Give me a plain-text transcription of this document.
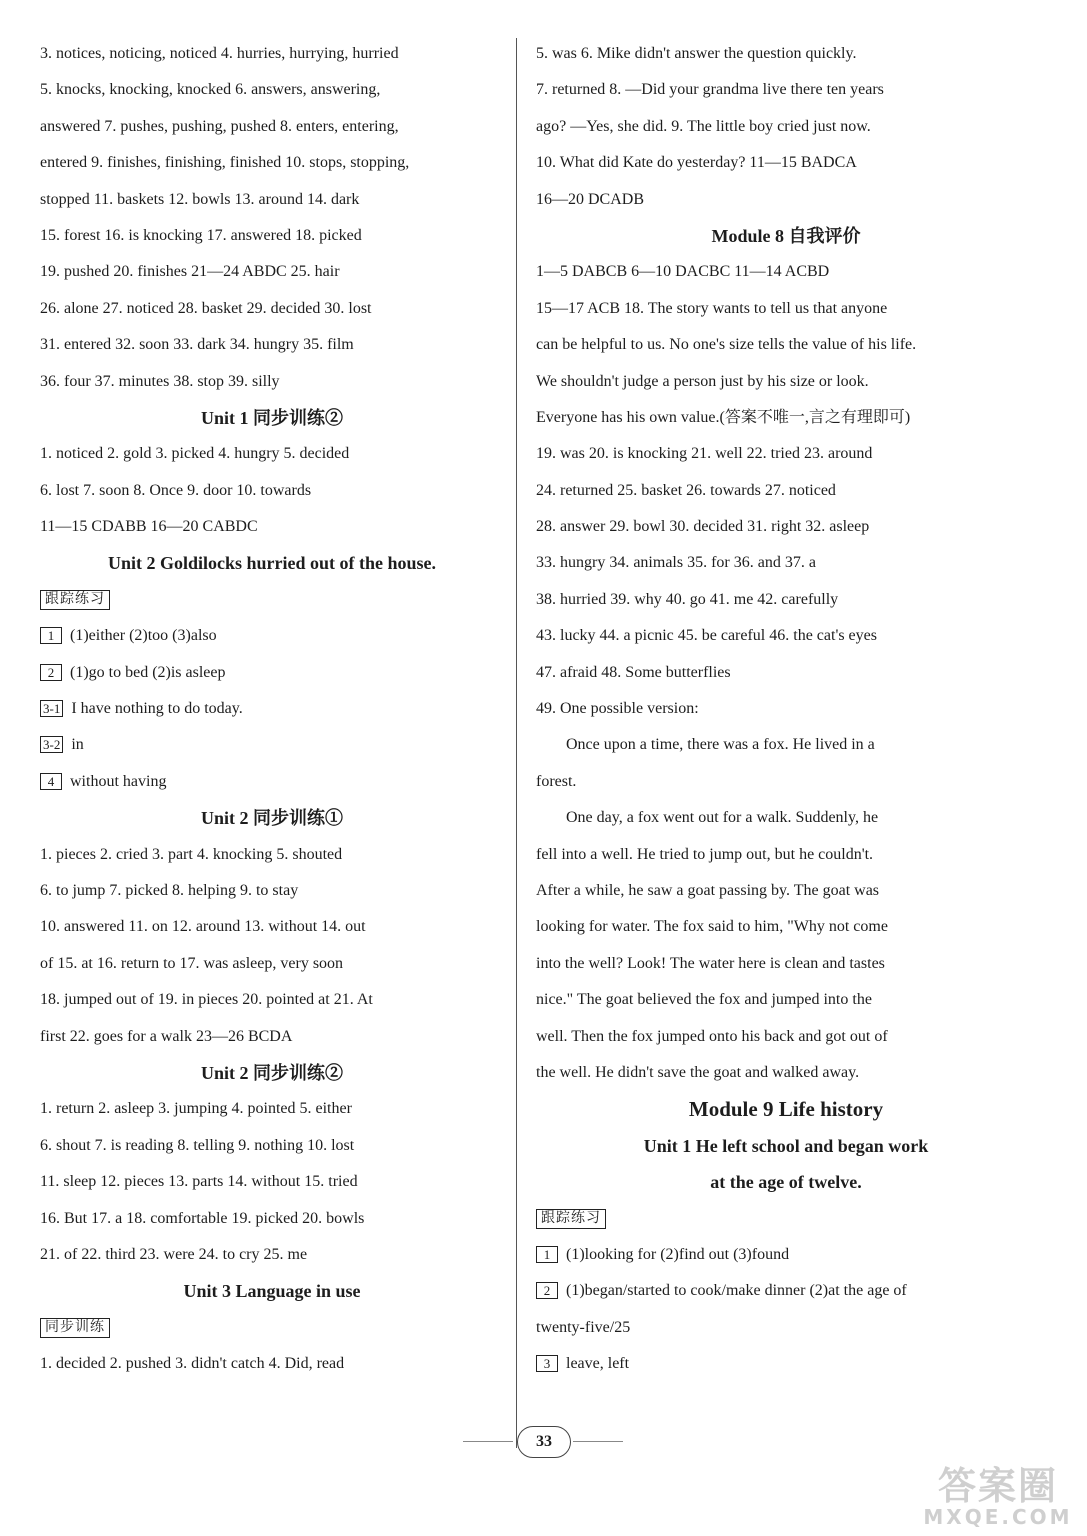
3. notices, noticing, noticed 4. hurries, hurrying, hurried
5. knocks, knocking, knocked 6. answers, answering,
answered 7. pushes, pushing, pushed 8. enters, entering,
entered 9. finishes, finishing, finished 10. stops, stopping,
stopped 11. baskets 12. bowls 13. around 14. dark
15. forest 16. is knocking 17. answered 18. picked
19. pushed 20. finishes 21—24 ABDC 25. hair
26. alone 27. noticed 28. basket 29. decided 30. lost
31. entered 32. soon 33. dark 34. hungry 35. film
36. four 37. minutes 38. stop 39. silly
Unit 1 同步训练②
1. noticed 2. gold 3. picked 4. hungry 5. decided
6. lost 7. soon 8. Once 9. door 10. towards
11—15 CDABB 16—20 CABDC
Unit 2 Goldilocks hurried out of the house.
跟踪练习
1 (1)either (2)too (3)also
2 (1)go to bed (2)is asleep
3-1 I have nothing to do today.
3-2 in
4 without having
Unit 2 同步训练①
1. pieces 2. cried 3. part 4. knocking 5. shouted
6. to jump 7. picked 8. helping 9. to stay
10. answered 11. on 12. around 13. without 14. out
of 15. at 16. return to 17. was asleep, very soon
18. jumped out of 19. in pieces 20. pointed at 21. At
first 22. goes for a walk 23—26 BCDA
Unit 2 同步训练②
1. return 2. asleep 3. jumping 4. pointed 5. either
6. shout 7. is reading 8. telling 9. nothing 10. lost
11. sleep 12. pieces 13. parts 14. without 15. tried
16. But 17. a 18. comfortable 19. picked 20. bowls
21. of 22. third 23. were 24. to cry 25. me
Unit 3 Language in use
同步训练
1. decided 2. pushed 3. didn't catch 4. Did, read
5. was 6. Mike didn't answer the question quickly.
7. returned 8. —Did your grandma live there ten years
ago? —Yes, she did. 9. The little boy cried just now.
10. What did Kate do yesterday? 11—15 BADCA
16—20 DCADB
Module 8 自我评价
1—5 DABCB 6—10 DACBC 11—14 ACBD
15—17 ACB 18. The story wants to tell us that anyone
can be helpful to us. No one's size tells the value of his life.
We shouldn't judge a person just by his size or look.
Everyone has his own value.(答案不唯一,言之有理即可)
19. was 20. is knocking 21. well 22. tried 23. around
24. returned 25. basket 26. towards 27. noticed
28. answer 29. bowl 30. decided 31. right 32. asleep
33. hungry 34. animals 35. for 36. and 37. a
38. hurried 39. why 40. go 41. me 42. carefully
43. lucky 44. a picnic 45. be careful 46. the cat's eyes
47. afraid 48. Some butterflies
49. One possible version:
Once upon a time, there was a fox. He lived in a
forest.
One day, a fox went out for a walk. Suddenly, he
fell into a well. He tried to jump out, but he couldn't.
After a while, he saw a goat passing by. The goat was
looking for water. The fox said to him, "Why not come
into the well? Look! The water here is clean and tastes
nice." The goat believed the fox and jumped into the
well. Then the fox jumped onto his back and got out of
the well. He didn't save the goat and walked away.
Module 9 Life history
Unit 1 He left school and began work
at the age of twelve.
跟踪练习
1 (1)looking for (2)find out (3)found
2 (1)began/started to cook/make dinner (2)at the age of
twenty-five/25
3 leave, left
33
答案圈
MXQE.COM
